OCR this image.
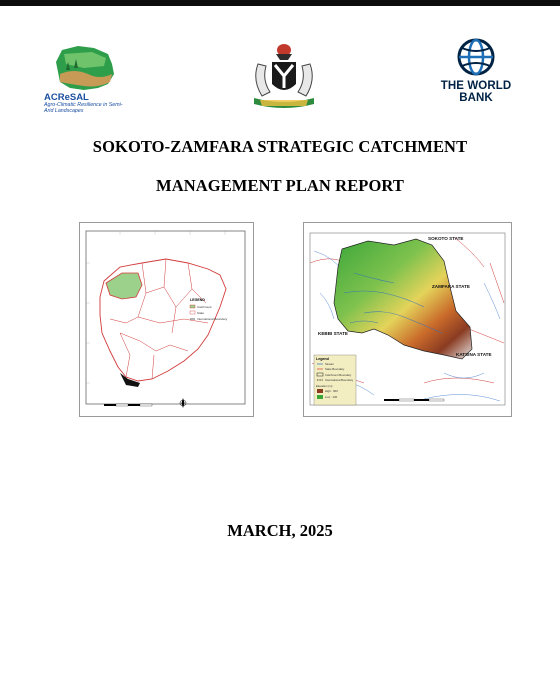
ACReSAL
Agro-Climatic Resilience in Semi-Arid Landscapes
THE WORLD BANK
SOKOTO-ZAMFARA STRATEGIC CATCHMENT
MANAGEMENT PLAN REPORT
LEGEND
Catchment
State
International Boundary
SOKOTO STATE
ZAMFARA STATE
KEBBI STATE
KATSINA STATE
Legend
Stream
State Boundary
Catchment Boundary
International Boundary
Elevation (m)
High : 900
Low : 130
MARCH, 2025
